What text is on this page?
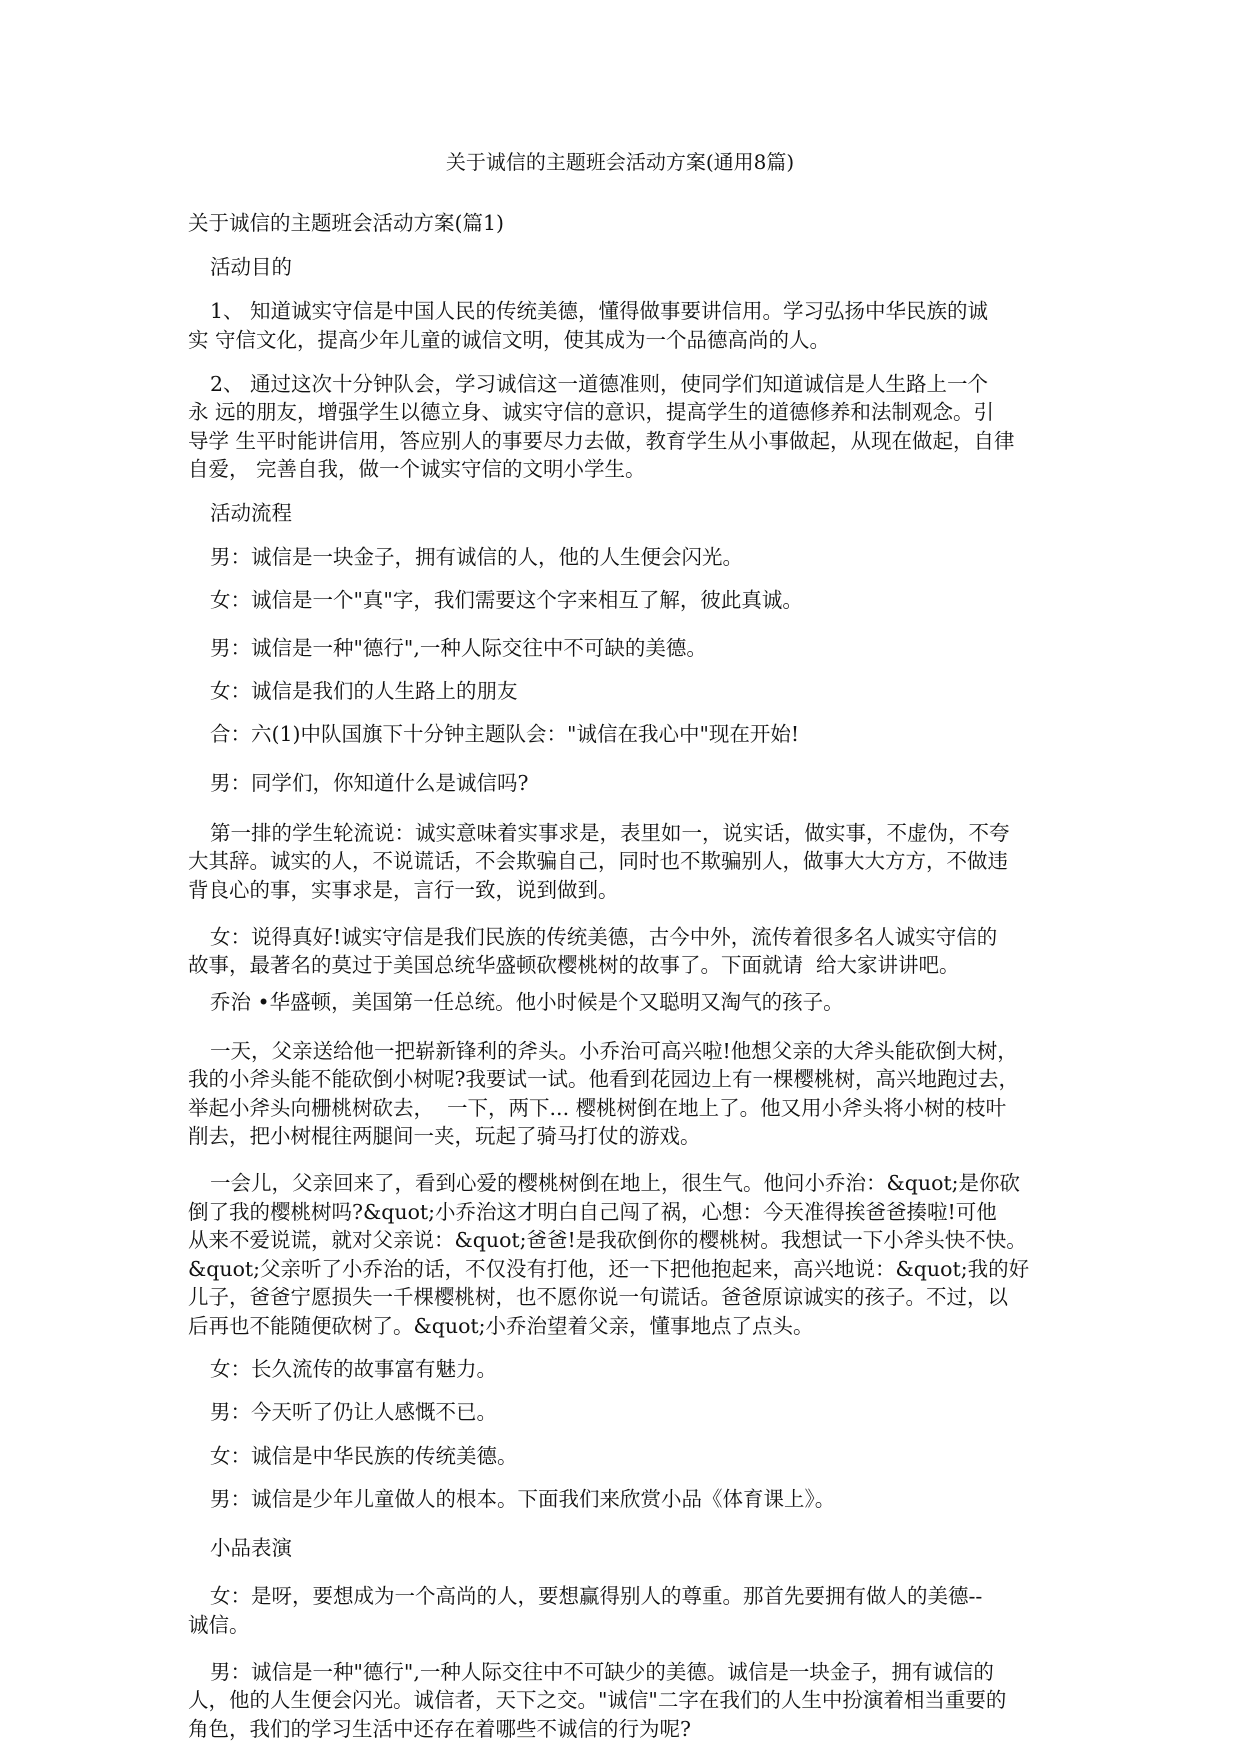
关于诚信的主题班会活动方案(通用8篇)
关于诚信的主题班会活动方案(篇1)
活动目的
1、 知道诚实守信是中国人民的传统美德，懂得做事要讲信用。学习弘扬中华民族的诚
实 守信文化，提高少年儿童的诚信文明，使其成为一个品德高尚的人。
2、 通过这次十分钟队会，学习诚信这一道德准则，使同学们知道诚信是人生路上一个
永 远的朋友，增强学生以德立身、诚实守信的意识，提高学生的道德修养和法制观念。引
导学 生平时能讲信用，答应别人的事要尽力去做，教育学生从小事做起，从现在做起，自律
自爱， 完善自我，做一个诚实守信的文明小学生。
活动流程
男：诚信是一块金子，拥有诚信的人，他的人生便会闪光。
女：诚信是一个"真"字，我们需要这个字来相互了解，彼此真诚。
男：诚信是一种"德行",一种人际交往中不可缺的美德。
女：诚信是我们的人生路上的朋友
合：六(1)中队国旗下十分钟主题队会："诚信在我心中"现在开始!
男：同学们，你知道什么是诚信吗?
第一排的学生轮流说：诚实意味着实事求是，表里如一，说实话，做实事，不虚伪，不夸
大其辞。诚实的人，不说谎话，不会欺骗自己，同时也不欺骗别人，做事大大方方，不做违
背良心的事，实事求是，言行一致，说到做到。
女：说得真好!诚实守信是我们民族的传统美德，古今中外，流传着很多名人诚实守信的
故事，最著名的莫过于美国总统华盛顿砍樱桃树的故事了。下面就请  给大家讲讲吧。
乔治 •华盛顿，美国第一任总统。他小时候是个又聪明又淘气的孩子。
一天，父亲送给他一把崭新锋利的斧头。小乔治可高兴啦!他想父亲的大斧头能砍倒大树，
我的小斧头能不能砍倒小树呢?我要试一试。他看到花园边上有一棵樱桃树，高兴地跑过去，
举起小斧头向栅桃树砍去，  一下，两下... 樱桃树倒在地上了。他又用小斧头将小树的枝叶
削去，把小树棍往两腿间一夹，玩起了骑马打仗的游戏。
一会儿，父亲回来了，看到心爱的樱桃树倒在地上，很生气。他问小乔治：&quot;是你砍
倒了我的樱桃树吗?&quot;小乔治这才明白自己闯了祸，心想：今天准得挨爸爸揍啦!可他
从来不爱说谎，就对父亲说：&quot;爸爸!是我砍倒你的樱桃树。我想试一下小斧头快不快。
&quot;父亲听了小乔治的话，不仅没有打他，还一下把他抱起来，高兴地说：&quot;我的好
儿子，爸爸宁愿损失一千棵樱桃树，也不愿你说一句谎话。爸爸原谅诚实的孩子。不过，以
后再也不能随便砍树了。&quot;小乔治望着父亲，懂事地点了点头。
女：长久流传的故事富有魅力。
男：今天听了仍让人感慨不已。
女：诚信是中华民族的传统美德。
男：诚信是少年儿童做人的根本。下面我们来欣赏小品《体育课上》。
小品表演
女：是呀，要想成为一个高尚的人，要想赢得别人的尊重。那首先要拥有做人的美德--
诚信。
男：诚信是一种"德行",一种人际交往中不可缺少的美德。诚信是一块金子，拥有诚信的
人，他的人生便会闪光。诚信者，天下之交。"诚信"二字在我们的人生中扮演着相当重要的
角色，我们的学习生活中还存在着哪些不诚信的行为呢?
